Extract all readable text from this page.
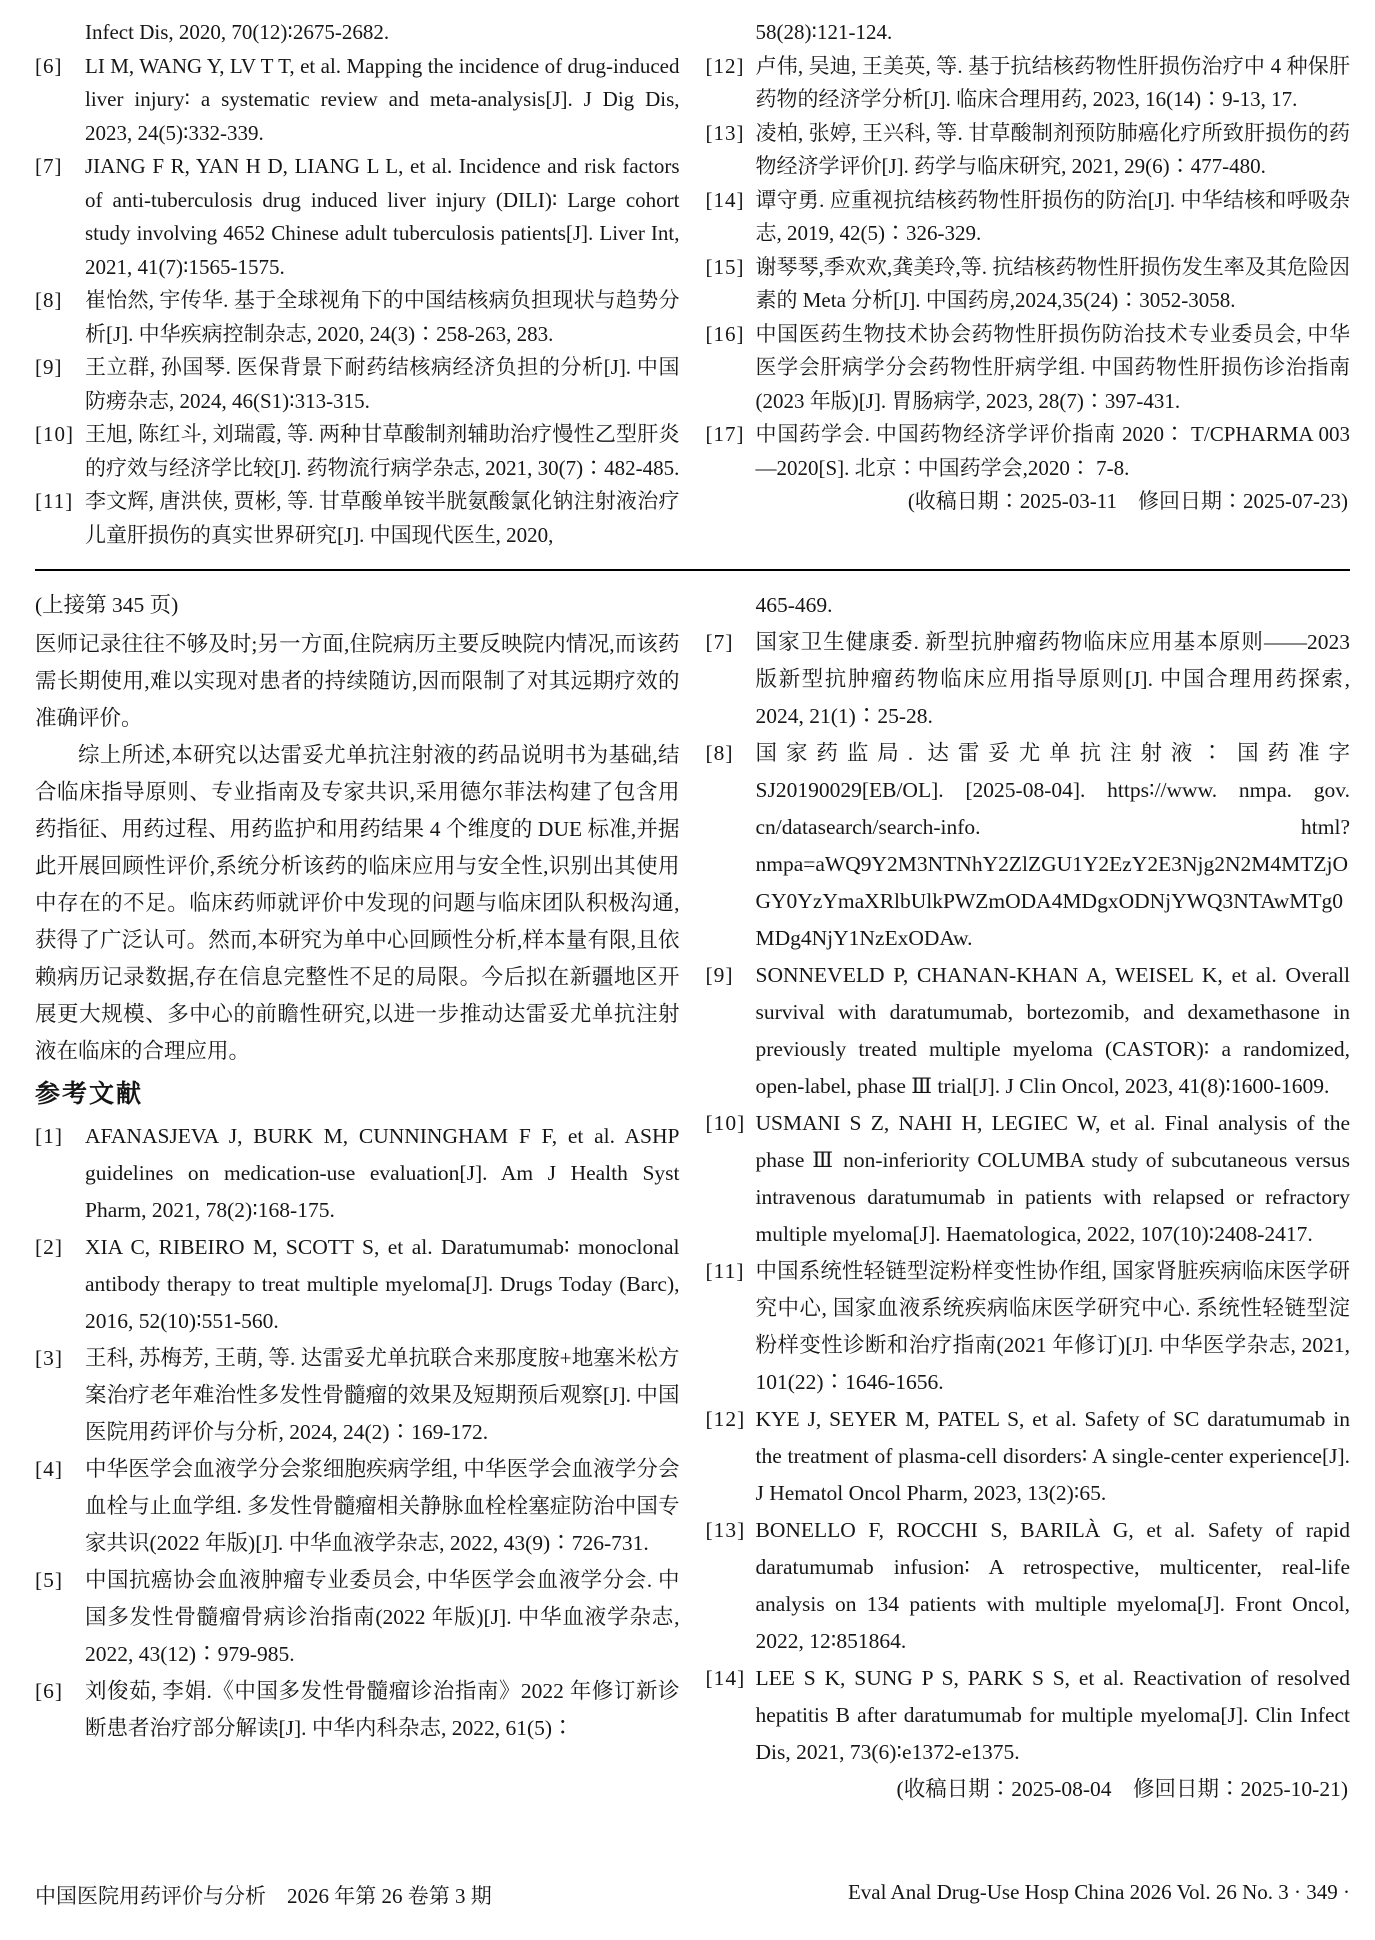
Infect Dis, 2020, 70(12)∶2675-2682.
[6]	LI M, WANG Y, LV T T, et al. Mapping the incidence of drug-induced liver injury∶ a systematic review and meta-analysis[J]. J Dig Dis, 2023, 24(5)∶332-339.
[7]	JIANG F R, YAN H D, LIANG L L, et al. Incidence and risk factors of anti-tuberculosis drug induced liver injury (DILI)∶ Large cohort study involving 4652 Chinese adult tuberculosis patients[J]. Liver Int, 2021, 41(7)∶1565-1575.
[8]	崔怡然, 宇传华. 基于全球视角下的中国结核病负担现状与趋势分析[J]. 中华疾病控制杂志, 2020, 24(3)∶258-263, 283.
[9]	王立群, 孙国琴. 医保背景下耐药结核病经济负担的分析[J]. 中国防痨杂志, 2024, 46(S1)∶313-315.
[10] 王旭, 陈红斗, 刘瑞霞, 等. 两种甘草酸制剂辅助治疗慢性乙型肝炎的疗效与经济学比较[J]. 药物流行病学杂志, 2021, 30(7)∶482-485.
[11] 李文辉, 唐洪侠, 贾彬, 等. 甘草酸单铵半胱氨酸氯化钠注射液治疗儿童肝损伤的真实世界研究[J]. 中国现代医生, 2020,
58(28)∶121-124.
[12] 卢伟, 吴迪, 王美英, 等. 基于抗结核药物性肝损伤治疗中 4 种保肝药物的经济学分析[J]. 临床合理用药, 2023, 16(14)∶9-13, 17.
[13] 凌柏, 张婷, 王兴科, 等. 甘草酸制剂预防肺癌化疗所致肝损伤的药物经济学评价[J]. 药学与临床研究, 2021, 29(6)∶477-480.
[14] 谭守勇. 应重视抗结核药物性肝损伤的防治[J]. 中华结核和呼吸杂志, 2019, 42(5)∶326-329.
[15] 谢琴琴,季欢欢,龚美玲,等. 抗结核药物性肝损伤发生率及其危险因素的 Meta 分析[J]. 中国药房,2024,35(24)∶3052-3058.
[16] 中国医药生物技术协会药物性肝损伤防治技术专业委员会, 中华医学会肝病学分会药物性肝病学组. 中国药物性肝损伤诊治指南(2023 年版)[J]. 胃肠病学, 2023, 28(7)∶397-431.
[17] 中国药学会. 中国药物经济学评价指南 2020∶ T/CPHARMA 003—2020[S]. 北京∶中国药学会,2020∶ 7-8.
(收稿日期∶2025-03-11　修回日期∶2025-07-23)
(上接第 345 页)

医师记录往往不够及时;另一方面,住院病历主要反映院内情况,而该药需长期使用,难以实现对患者的持续随访,因而限制了对其远期疗效的准确评价。

综上所述,本研究以达雷妥尤单抗注射液的药品说明书为基础,结合临床指导原则、专业指南及专家共识,采用德尔菲法构建了包含用药指征、用药过程、用药监护和用药结果 4 个维度的 DUE 标准,并据此开展回顾性评价,系统分析该药的临床应用与安全性,识别出其使用中存在的不足。临床药师就评价中发现的问题与临床团队积极沟通,获得了广泛认可。然而,本研究为单中心回顾性分析,样本量有限,且依赖病历记录数据,存在信息完整性不足的局限。今后拟在新疆地区开展更大规模、多中心的前瞻性研究,以进一步推动达雷妥尤单抗注射液在临床的合理应用。

参考文献
[1]	AFANASJEVA J, BURK M, CUNNINGHAM F F, et al. ASHP guidelines on medication-use evaluation[J]. Am J Health Syst Pharm, 2021, 78(2)∶168-175.
[2]	XIA C, RIBEIRO M, SCOTT S, et al. Daratumumab∶ monoclonal antibody therapy to treat multiple myeloma[J]. Drugs Today (Barc), 2016, 52(10)∶551-560.
[3]	王科, 苏梅芳, 王萌, 等. 达雷妥尤单抗联合来那度胺+地塞米松方案治疗老年难治性多发性骨髓瘤的效果及短期预后观察[J]. 中国医院用药评价与分析, 2024, 24(2)∶169-172.
[4]	中华医学会血液学分会浆细胞疾病学组, 中华医学会血液学分会血栓与止血学组. 多发性骨髓瘤相关静脉血栓栓塞症防治中国专家共识(2022 年版)[J]. 中华血液学杂志, 2022, 43(9)∶726-731.
[5]	中国抗癌协会血液肿瘤专业委员会, 中华医学会血液学分会. 中国多发性骨髓瘤骨病诊治指南(2022 年版)[J]. 中华血液学杂志, 2022, 43(12)∶979-985.
[6]	刘俊茹, 李娟.《中国多发性骨髓瘤诊治指南》2022 年修订新诊断患者治疗部分解读[J]. 中华内科杂志, 2022, 61(5)∶
465-469.
[7]	国家卫生健康委. 新型抗肿瘤药物临床应用基本原则——2023 版新型抗肿瘤药物临床应用指导原则[J]. 中国合理用药探索, 2024, 21(1)∶25-28.
[8]	国家药监局. 达雷妥尤单抗注射液∶ 国药准字 SJ20190029[EB/OL]. [2025-08-04]. https∶//www. nmpa. gov. cn/datasearch/search-info. html? nmpa=aWQ9Y2M3NTNhY2ZlZGU1Y2EzY2E3Njg2N2M4MTZjOGY0YzYmaXRlbUlkPWZmODA4MDgxODNjYWQ3NTAwMTg0MDg4NjY1NzExODAw.
[9]	SONNEVELD P, CHANAN-KHAN A, WEISEL K, et al. Overall survival with daratumumab, bortezomib, and dexamethasone in previously treated multiple myeloma (CASTOR)∶ a randomized, open-label, phase Ⅲ trial[J]. J Clin Oncol, 2023, 41(8)∶1600-1609.
[10] USMANI S Z, NAHI H, LEGIEC W, et al. Final analysis of the phase Ⅲ non-inferiority COLUMBA study of subcutaneous versus intravenous daratumumab in patients with relapsed or refractory multiple myeloma[J]. Haematologica, 2022, 107(10)∶2408-2417.
[11] 中国系统性轻链型淀粉样变性协作组, 国家肾脏疾病临床医学研究中心, 国家血液系统疾病临床医学研究中心. 系统性轻链型淀粉样变性诊断和治疗指南(2021 年修订)[J]. 中华医学杂志, 2021, 101(22)∶1646-1656.
[12] KYE J, SEYER M, PATEL S, et al. Safety of SC daratumumab in the treatment of plasma-cell disorders∶ A single-center experience[J]. J Hematol Oncol Pharm, 2023, 13(2)∶65.
[13] BONELLO F, ROCCHI S, BARILÀ G, et al. Safety of rapid daratumumab infusion∶ A retrospective, multicenter, real-life analysis on 134 patients with multiple myeloma[J]. Front Oncol, 2022, 12∶851864.
[14] LEE S K, SUNG P S, PARK S S, et al. Reactivation of resolved hepatitis B after daratumumab for multiple myeloma[J]. Clin Infect Dis, 2021, 73(6)∶e1372-e1375.
(收稿日期∶2025-08-04　修回日期∶2025-10-21)
中国医院用药评价与分析　2026 年第 26 卷第 3 期	Eval Anal Drug-Use Hosp China 2026 Vol. 26 No. 3 · 349 ·
